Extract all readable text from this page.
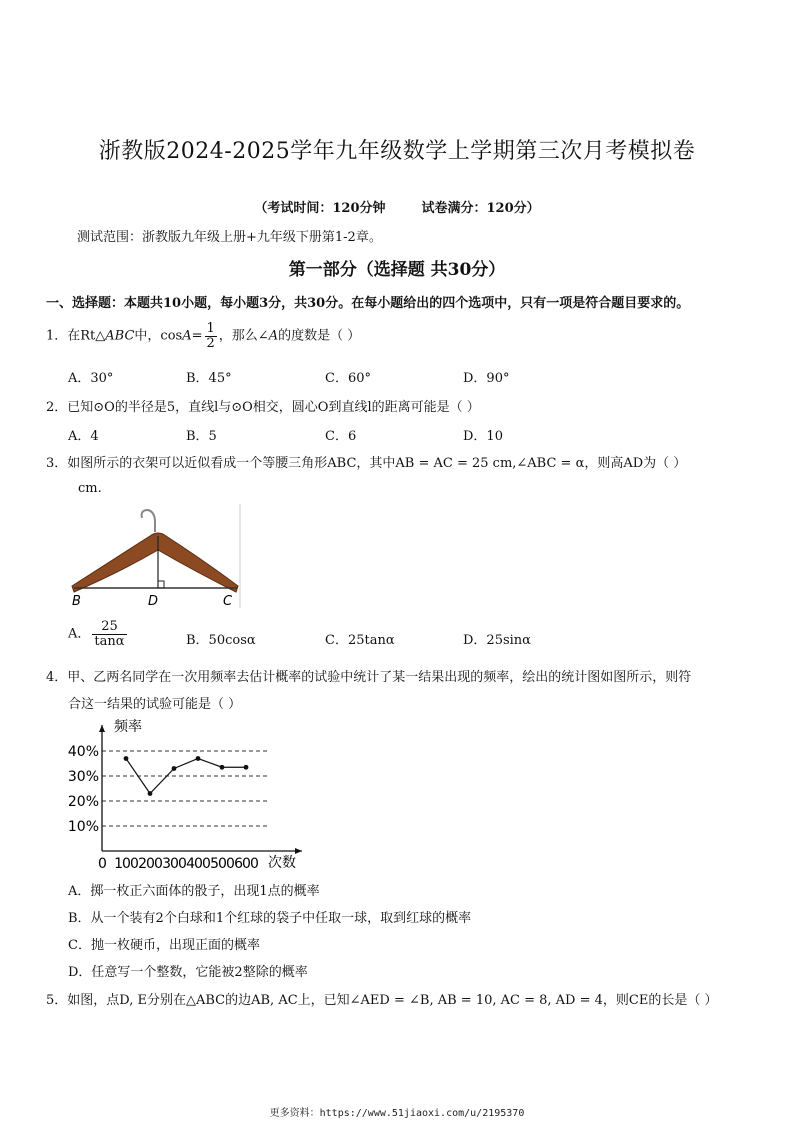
浙教版2024-2025学年九年级数学上学期第三次月考模拟卷
（考试时间：120分钟	试卷满分：120分）
测试范围：浙教版九年级上册+九年级下册第1-2章。
第一部分（选择题 共30分）
一、选择题：本题共10小题，每小题3分，共30分。在每小题给出的四个选项中，只有一项是符合题目要求的。
1．在Rt△ABC中，$\cos A= \frac{1}{2}$ ，那么∠A的度数是（ ）
A．30°	B．45°	C．60°	D．90°
2．已知⊙O的半径是5，直线l与⊙O相交，圆心O到直线l的距离可能是（ ）
A．4	B．5	C．6	D．10
3．如图所示的衣架可以近似看成一个等腰三角形ABC，其中AB = AC = 25 cm,∠ABC = α，则高AD为（ ）
cm.
B	D	C
A． $\frac{25}{\tan\alpha}$	B．50cosα	C．25tanα	D．25sinα
4．甲、乙两名同学在一次用频率去估计概率的试验中统计了某一结果出现的频率，绘出的统计图如图所示，则符
合这一结果的试验可能是（ ）
10%
20%
30%
40%
0 100 200 300 400 500 600
频率
次数
A．掷一枚正六面体的骰子，出现1点的概率
B．从一个装有2个白球和1个红球的袋子中任取一球，取到红球的概率
C．抛一枚硬币，出现正面的概率
D．任意写一个整数，它能被2整除的概率
5．如图，点D, E分别在△ABC的边AB, AC上，已知∠AED = ∠B, AB = 10, AC = 8, AD = 4，则CE的长是（ ）
更多资料：https://www.51jiaoxi.com/u/2195370
